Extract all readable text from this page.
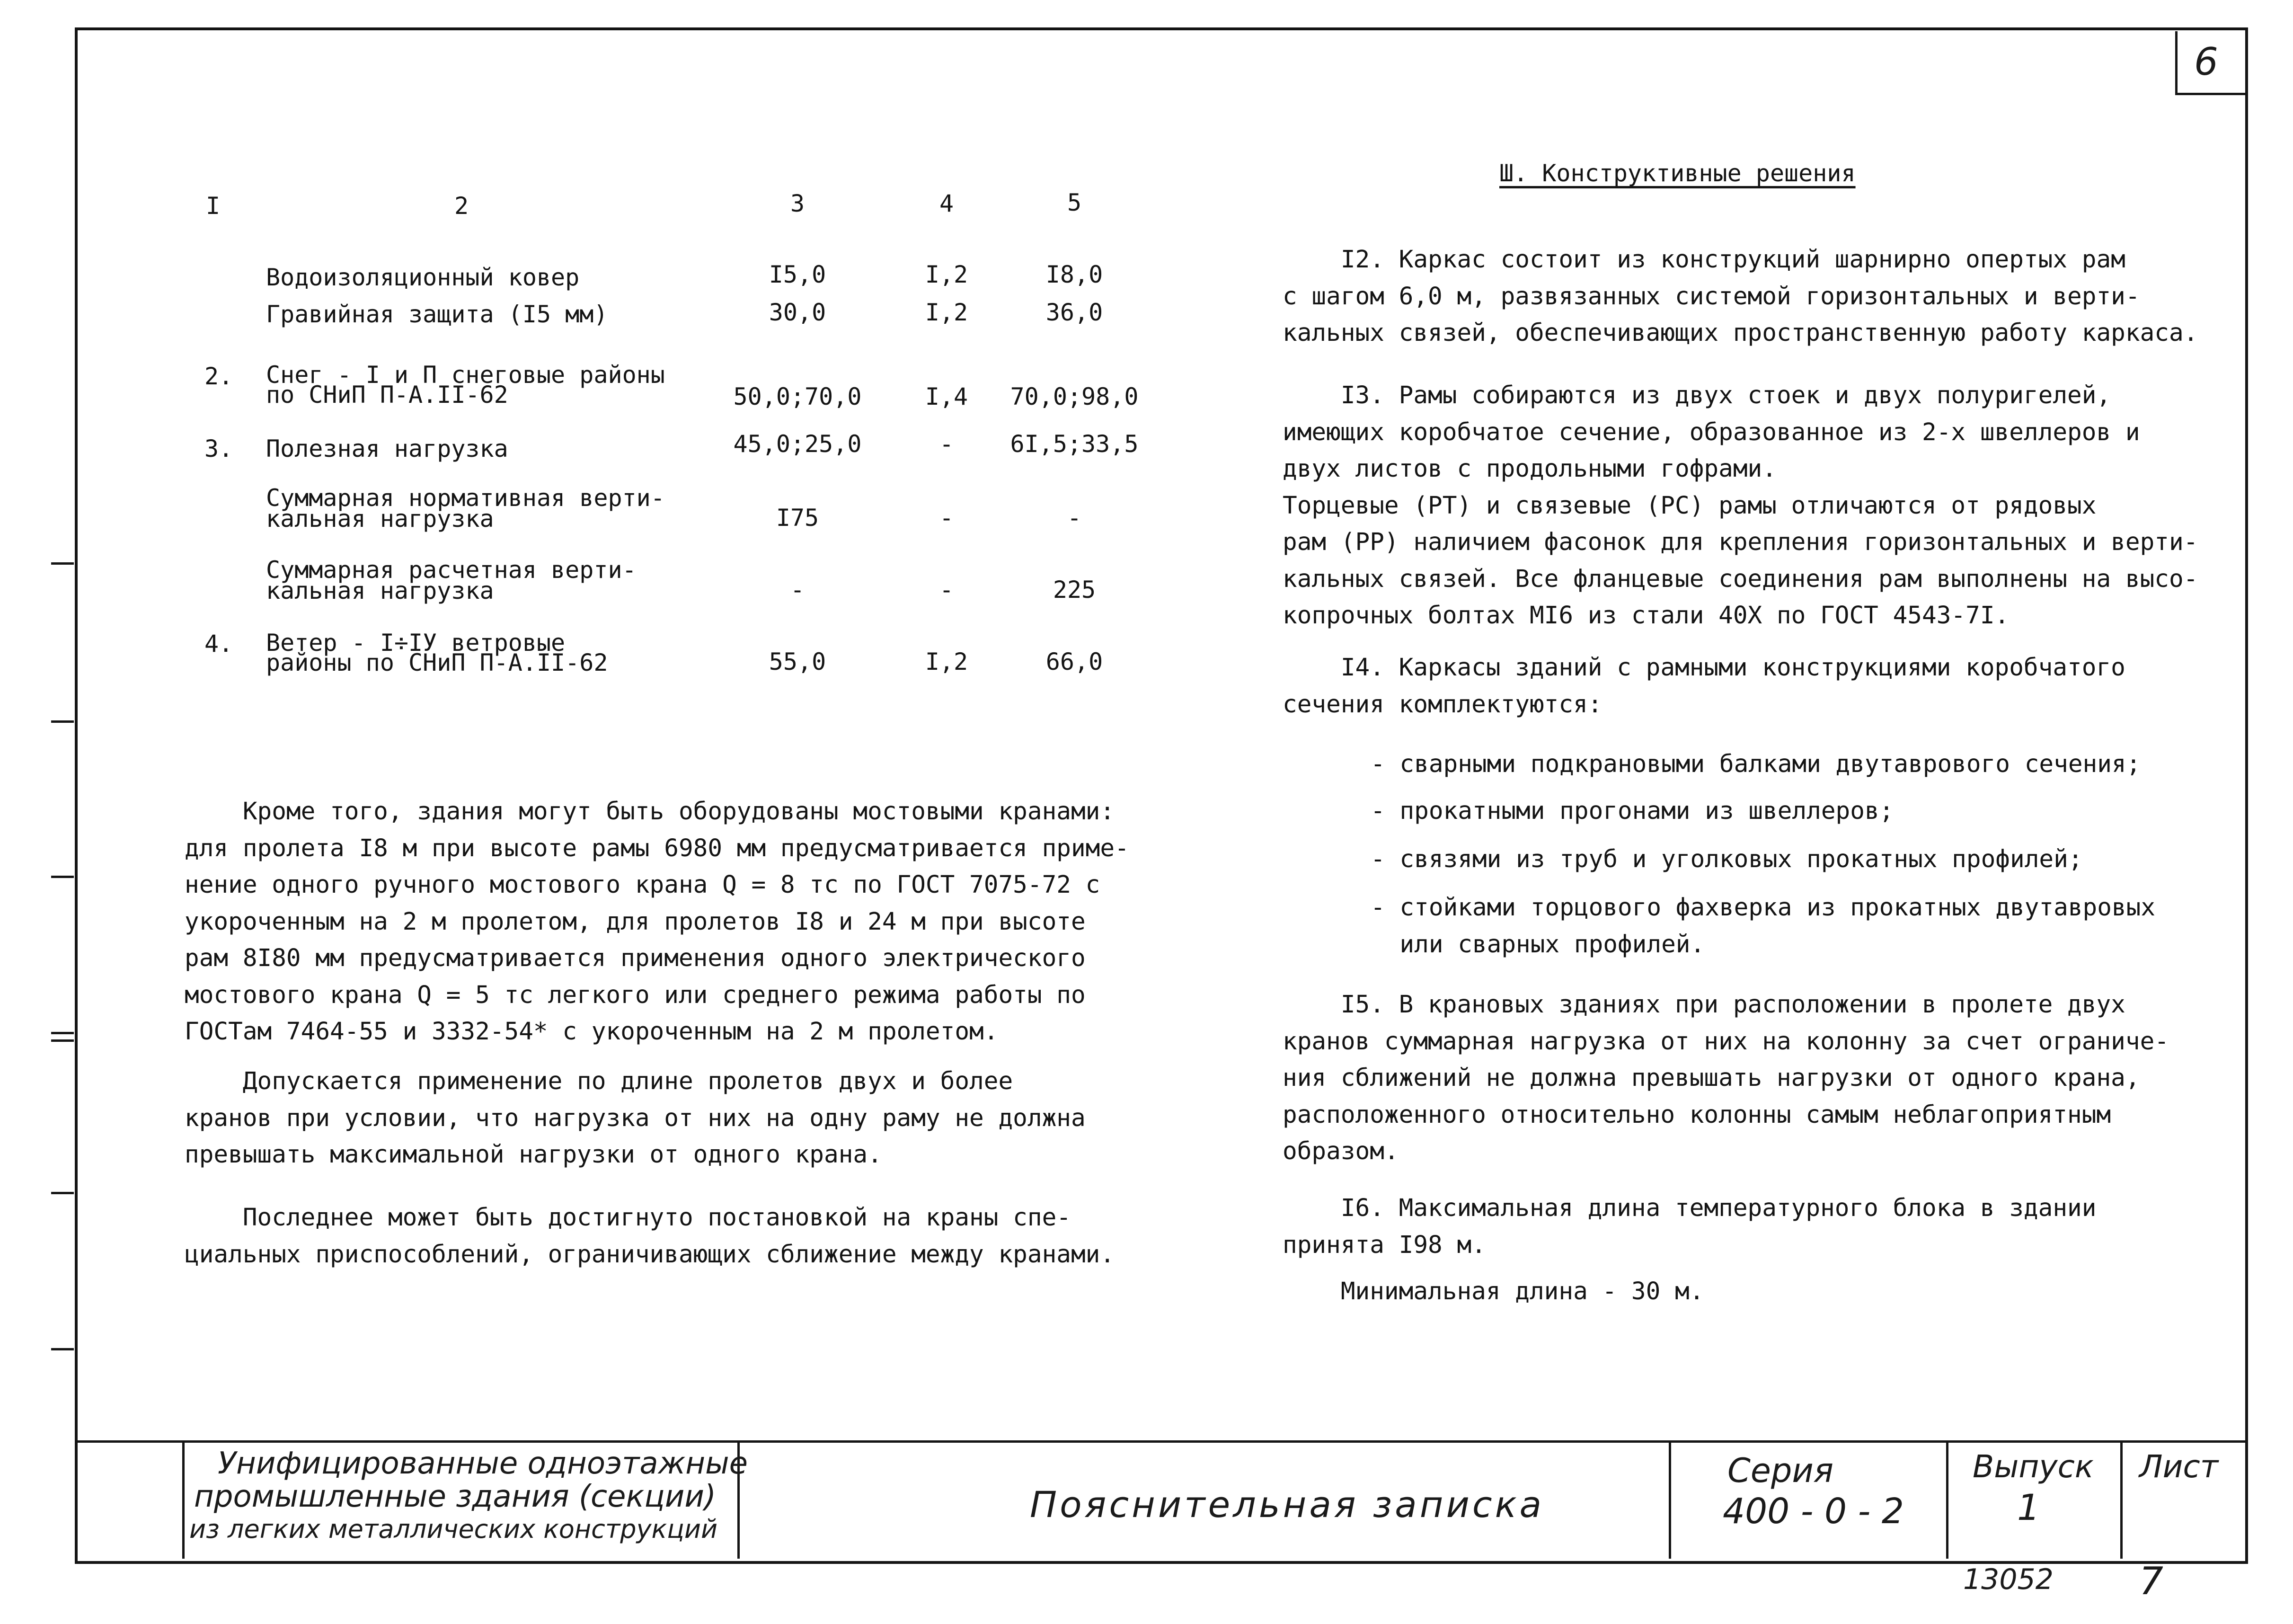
6
I	2	3	4	5
Водоизоляционный ковер	I5,0	I,2	I8,0
Гравийная защита (I5 мм)	30,0	I,2	36,0
2. Снег - I и П снеговые районы
по СНиП П-А.II-62	50,0;70,0	I,4	70,0;98,0
3. Полезная нагрузка	45,0;25,0	-	6I,5;33,5
Суммарная нормативная верти-
кальная нагрузка	I75	-	-
Суммарная расчетная верти-
кальная нагрузка	-	-	225
4. Ветер - I÷IУ ветровые
районы по СНиП П-А.II-62	55,0	I,2	66,0
Кроме того, здания могут быть оборудованы мостовыми кранами:
для пролета I8 м при высоте рамы 6980 мм предусматривается приме-
нение одного ручного мостового крана Q = 8 тс по ГОСТ 7075-72 с
укороченным на 2 м пролетом, для пролетов I8 и 24 м при высоте
рам 8I80 мм предусматривается применения одного электрического
мостового крана Q = 5 тс легкого или среднего режима работы по
ГОСТам 7464-55 и 3332-54* с укороченным на 2 м пролетом.
Допускается применение по длине пролетов двух и более
кранов при условии, что нагрузка от них на одну раму не должна
превышать максимальной нагрузки от одного крана.
Последнее может быть достигнуто постановкой на краны спе-
циальных приспособлений, ограничивающих сближение между кранами.
Ш. Конструктивные решения
I2. Каркас состоит из конструкций шарнирно опертых рам
с шагом 6,0 м, развязанных системой горизонтальных и верти-
кальных связей, обеспечивающих пространственную работу каркаса.
I3. Рамы собираются из двух стоек и двух полуригелей,
имеющих коробчатое сечение, образованное из 2-х швеллеров и
двух листов с продольными гофрами.
Торцевые (РТ) и связевые (РС) рамы отличаются от рядовых
рам (РР) наличием фасонок для крепления горизонтальных и верти-
кальных связей. Все фланцевые соединения рам выполнены на высо-
копрочных болтах МI6 из стали 40Х по ГОСТ 4543-7I.
I4. Каркасы зданий с рамными конструкциями коробчатого
сечения комплектуются:
- сварными подкрановыми балками двутаврового сечения;
- прокатными прогонами из швеллеров;
- связями из труб и уголковых прокатных профилей;
- стойками торцового фахверка из прокатных двутавровых
или сварных профилей.
I5. В крановых зданиях при расположении в пролете двух
кранов суммарная нагрузка от них на колонну за счет ограниче-
ния сближений не должна превышать нагрузки от одного крана,
расположенного относительно колонны самым неблагоприятным
образом.
I6. Максимальная длина температурного блока в здании
принята I98 м.
Минимальная длина - 30 м.
Унифицированные одноэтажные
промышленные здания (секции)
из легких металлических конструкций
Пояснительная записка
Серия
400 - 0 - 2
Выпуск
1
Лист
13052 7
